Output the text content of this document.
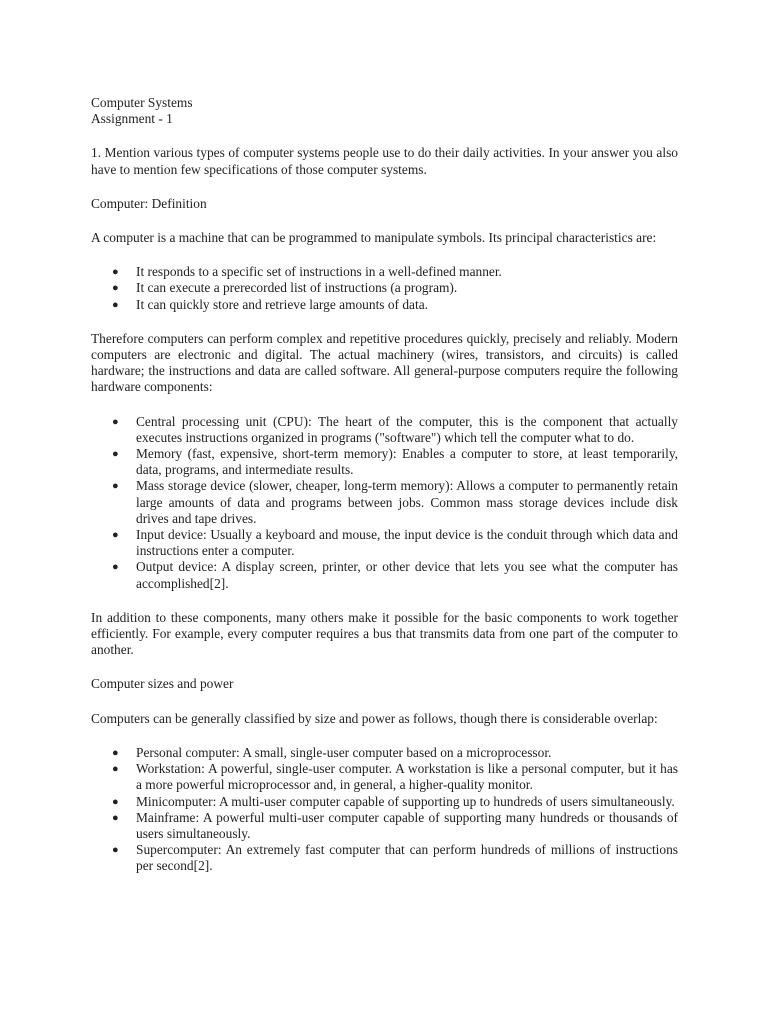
Computer Systems

Assignment - 1

1. Mention various types of computer systems people use to do their daily activities. In your answer you also have to mention few specifications of those computer systems.

Computer: Definition

A computer is a machine that can be programmed to manipulate symbols. Its principal characteristics are:

● It responds to a specific set of instructions in a well-defined manner.
● It can execute a prerecorded list of instructions (a program).
● It can quickly store and retrieve large amounts of data.

Therefore computers can perform complex and repetitive procedures quickly, precisely and reliably. Modern computers are electronic and digital. The actual machinery (wires, transistors, and circuits) is called hardware; the instructions and data are called software. All general-purpose computers require the following hardware components:

● Central processing unit (CPU): The heart of the computer, this is the component that actually executes instructions organized in programs ("software") which tell the computer what to do.
● Memory (fast, expensive, short-term memory): Enables a computer to store, at least temporarily, data, programs, and intermediate results.
● Mass storage device (slower, cheaper, long-term memory): Allows a computer to permanently retain large amounts of data and programs between jobs. Common mass storage devices include disk drives and tape drives.
● Input device: Usually a keyboard and mouse, the input device is the conduit through which data and instructions enter a computer.
● Output device: A display screen, printer, or other device that lets you see what the computer has accomplished[2].

In addition to these components, many others make it possible for the basic components to work together efficiently. For example, every computer requires a bus that transmits data from one part of the computer to another.

Computer sizes and power

Computers can be generally classified by size and power as follows, though there is considerable overlap:

● Personal computer: A small, single-user computer based on a microprocessor.
● Workstation: A powerful, single-user computer. A workstation is like a personal computer, but it has a more powerful microprocessor and, in general, a higher-quality monitor.
● Minicomputer: A multi-user computer capable of supporting up to hundreds of users simultaneously.
● Mainframe: A powerful multi-user computer capable of supporting many hundreds or thousands of users simultaneously.
● Supercomputer: An extremely fast computer that can perform hundreds of millions of instructions per second[2].
